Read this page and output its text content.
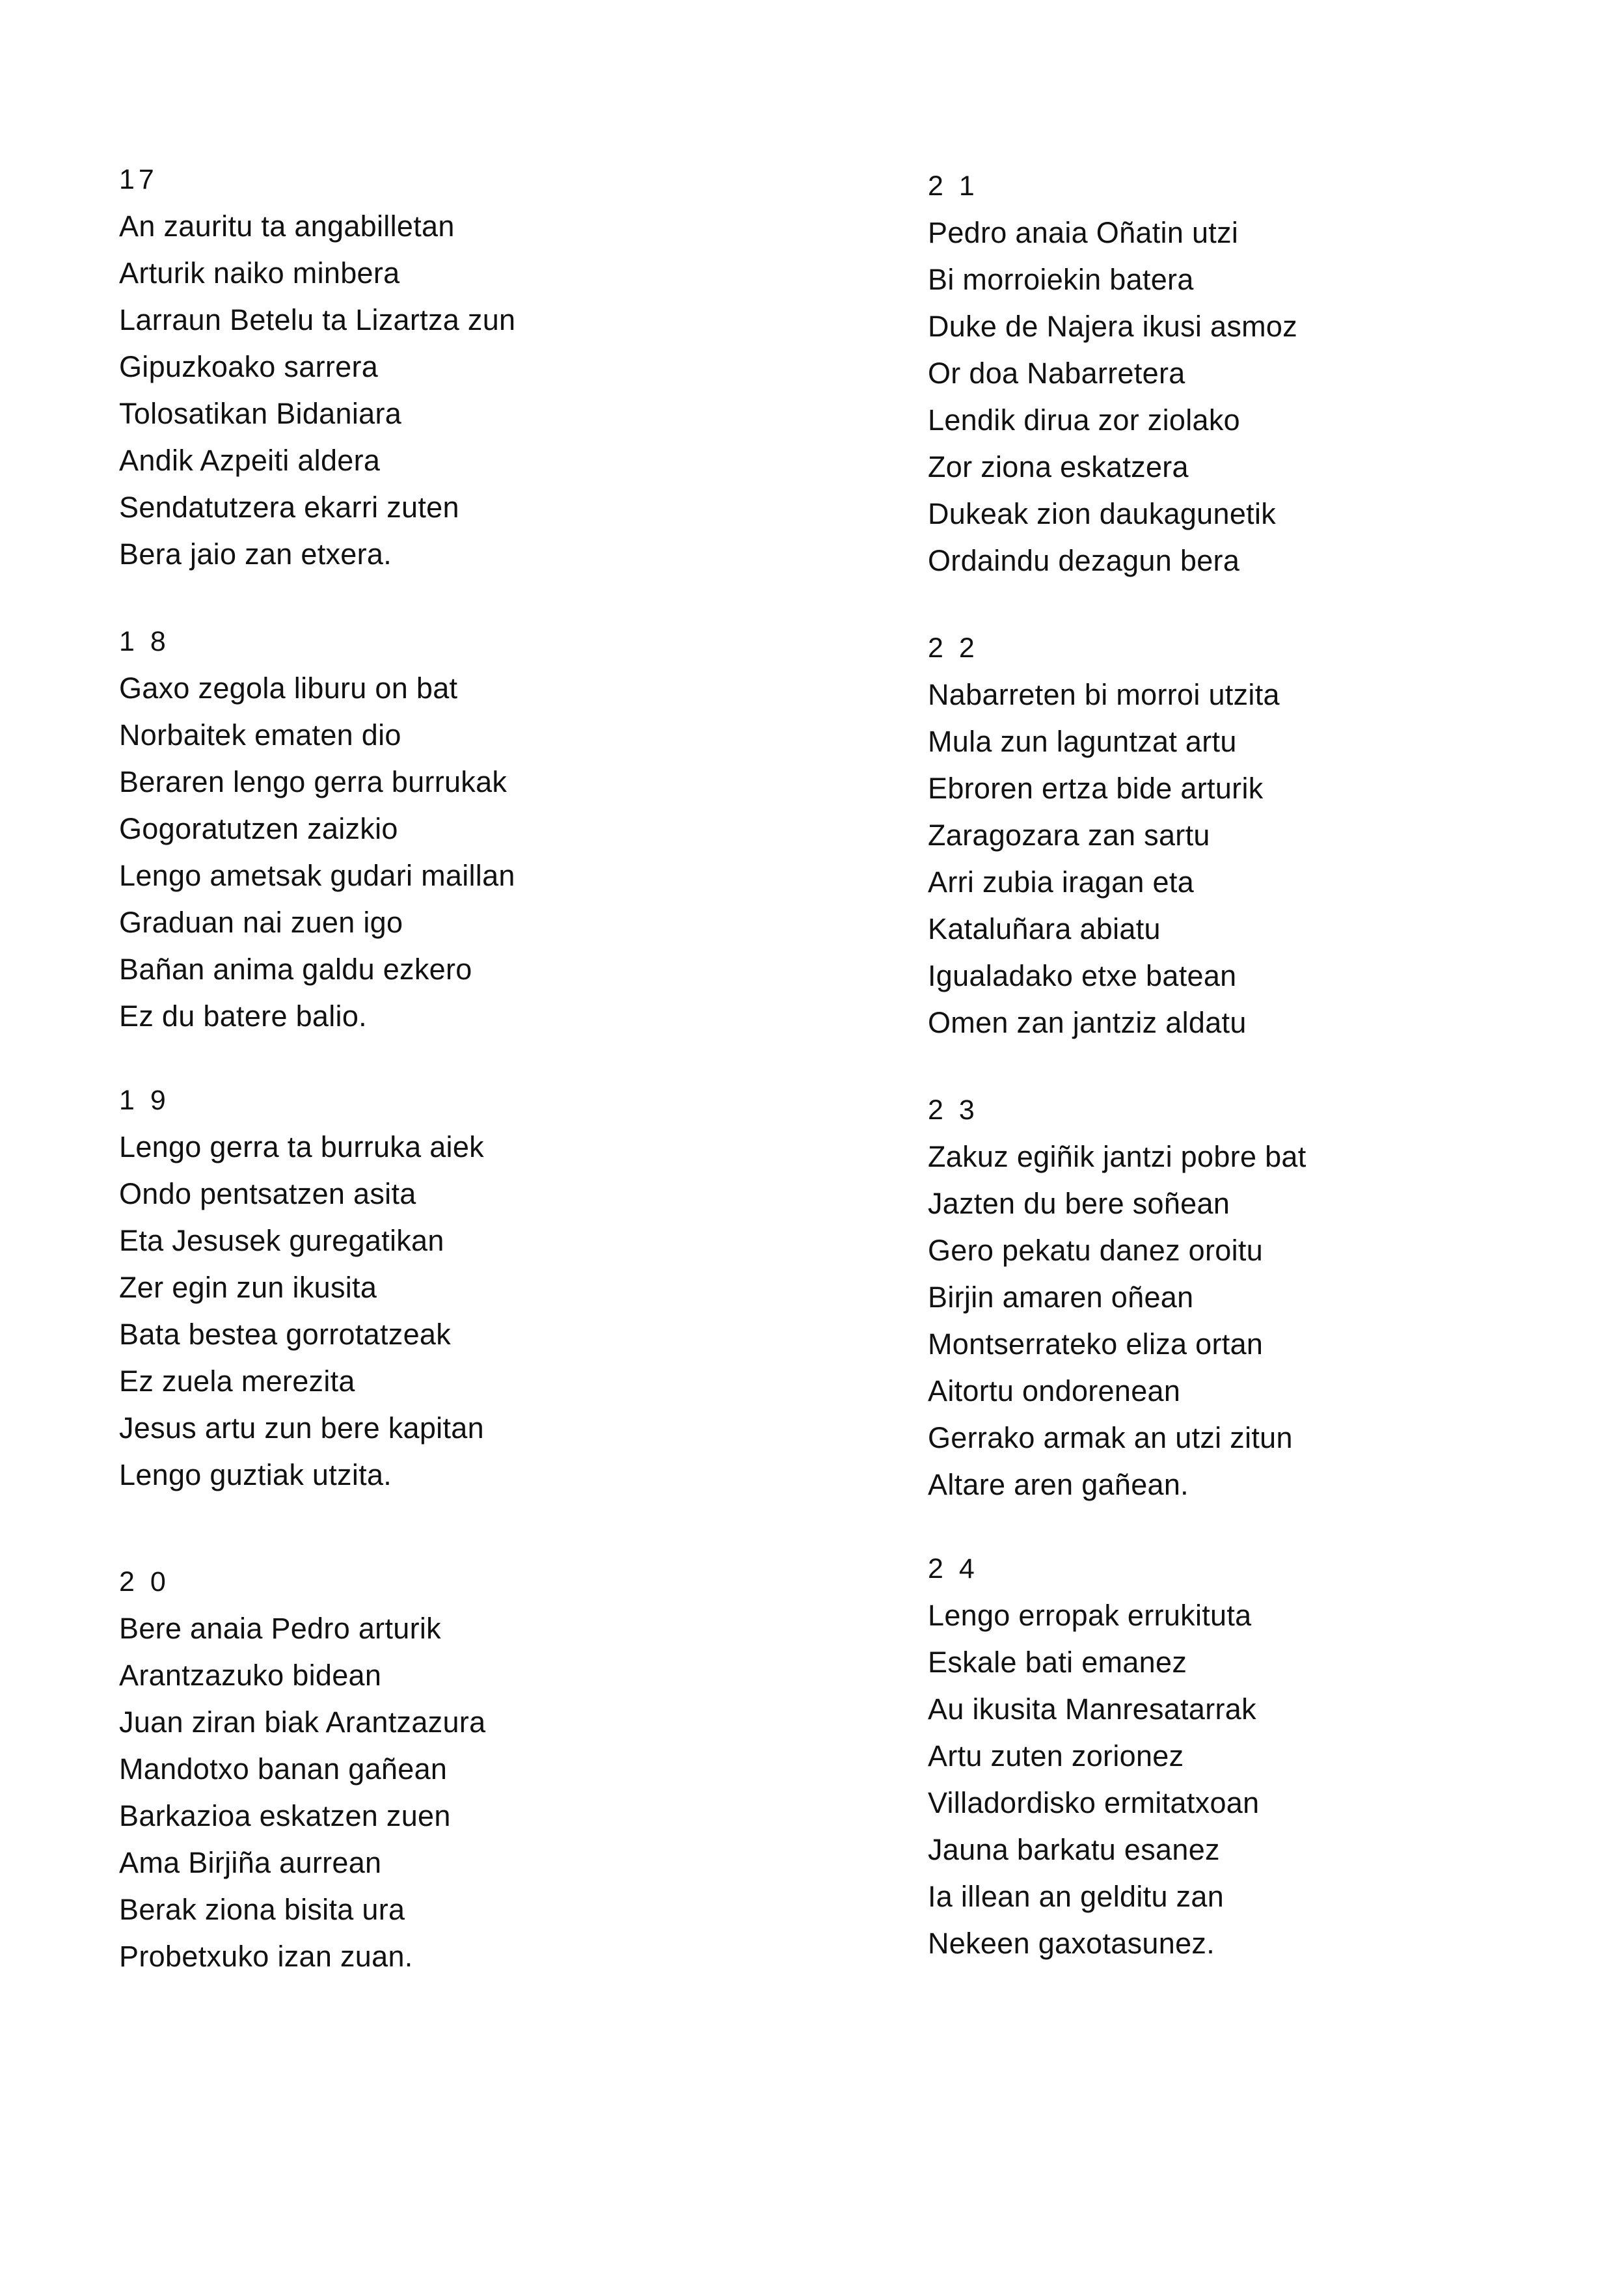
17
An zauritu ta angabilletan
Arturik naiko minbera
Larraun Betelu ta Lizartza zun
Gipuzkoako sarrera
Tolosatikan Bidaniara
Andik Azpeiti aldera
Sendatutzera ekarri zuten
Bera jaio zan etxera.
1 8
Gaxo zegola liburu on bat
Norbaitek ematen dio
Beraren lengo gerra burrukak
Gogoratutzen zaizkio
Lengo ametsak gudari maillan
Graduan nai zuen igo
Bañan anima galdu ezkero
Ez du batere balio.
1 9
Lengo gerra ta burruka aiek
Ondo pentsatzen asita
Eta Jesusek guregatikan
Zer egin zun ikusita
Bata bestea gorrotatzeak
Ez zuela merezita
Jesus artu zun bere kapitan
Lengo guztiak utzita.
2 0
Bere anaia Pedro arturik
Arantzazuko bidean
Juan ziran biak Arantzazura
Mandotxo banan gañean
Barkazioa eskatzen zuen
Ama Birjiña aurrean
Berak ziona bisita ura
Probetxuko izan zuan.
2 1
Pedro anaia Oñatin utzi
Bi morroiekin batera
Duke de Najera ikusi asmoz
Or doa Nabarretera
Lendik dirua zor ziolako
Zor ziona eskatzera
Dukeak zion daukagunetik
Ordaindu dezagun bera
2 2
Nabarreten bi morroi utzita
Mula zun laguntzat artu
Ebroren ertza bide arturik
Zaragozara zan sartu
Arri zubia iragan eta
Kataluñara abiatu
Igualadako etxe batean
Omen zan jantziz aldatu
2 3
Zakuz egiñik jantzi pobre bat
Jazten du bere soñean
Gero pekatu danez oroitu
Birjin amaren oñean
Montserrateko eliza ortan
Aitortu ondorenean
Gerrako armak an utzi zitun
Altare aren gañean.
2 4
Lengo erropak errukituta
Eskale bati emanez
Au ikusita Manresatarrak
Artu zuten zorionez
Villadordisko ermitatxoan
Jauna barkatu esanez
Ia illean an gelditu zan
Nekeen gaxotasunez.
